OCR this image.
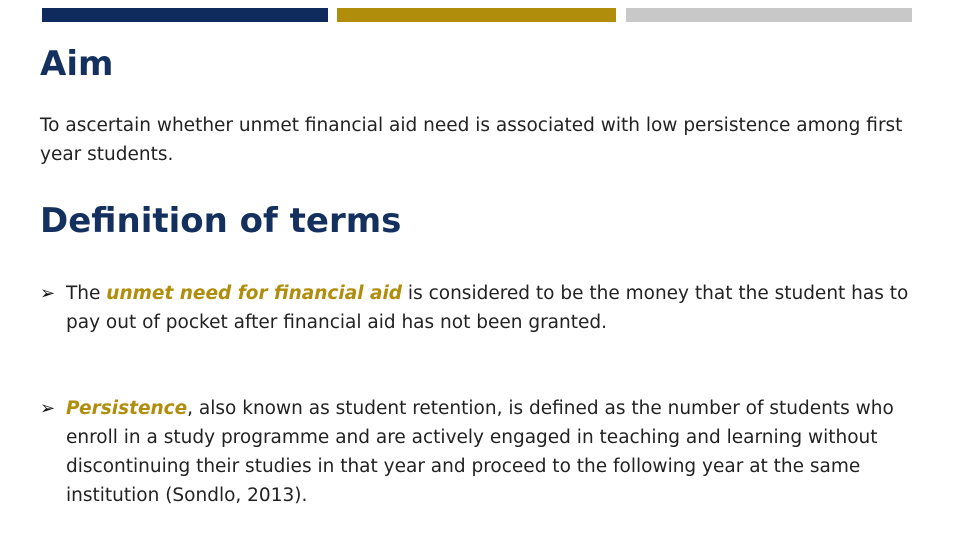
Aim

To ascertain whether unmet financial aid need is associated with low persistence among first year students.

Definition of terms

➢ The unmet need for financial aid is considered to be the money that the student has to pay out of pocket after financial aid has not been granted.

➢ Persistence, also known as student retention, is defined as the number of students who enroll in a study programme and are actively engaged in teaching and learning without discontinuing their studies in that year and proceed to the following year at the same institution (Sondlo, 2013).
